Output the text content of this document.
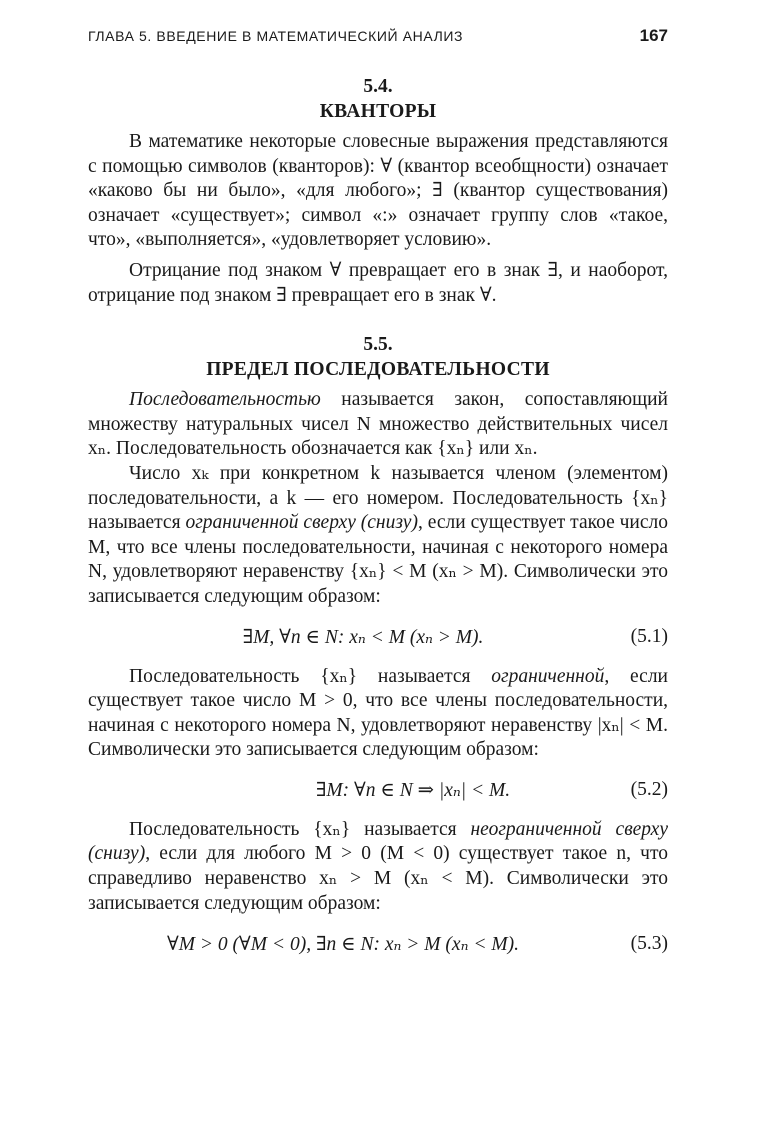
ГЛАВА 5. ВВЕДЕНИЕ В МАТЕМАТИЧЕСКИЙ АНАЛИЗ	167
5.4.
КВАНТОРЫ

В математике некоторые словесные выражения представляются с помощью символов (кванторов): ∀ (квантор всеобщности) означает «каково бы ни было», «для любого»; ∃ (квантор существования) означает «существует»; символ «:» означает группу слов «такое, что», «выполняется», «удовлетворяет условию».

Отрицание под знаком ∀ превращает его в знак ∃, и наоборот, отрицание под знаком ∃ превращает его в знак ∀.

5.5.
ПРЕДЕЛ ПОСЛЕДОВАТЕЛЬНОСТИ

Последовательностью называется закон, сопоставляющий множеству натуральных чисел N множество действительных чисел xₙ. Последовательность обозначается как {xₙ} или xₙ.

Число xₖ при конкретном k называется членом (элементом) последовательности, а k — его номером. Последовательность {xₙ} называется ограниченной сверху (снизу), если существует такое число M, что все члены последовательности, начиная с некоторого номера N, удовлетворяют неравенству {xₙ} < M (xₙ > M). Символически это записывается следующим образом:

∃M, ∀n ∈ N: xₙ < M (xₙ > M).	(5.1)

Последовательность {xₙ} называется ограниченной, если существует такое число M > 0, что все члены последовательности, начиная с некоторого номера N, удовлетворяют неравенству |xₙ| < M. Символически это записывается следующим образом:

∃M: ∀n ∈ N ⇒ |xₙ| < M.	(5.2)

Последовательность {xₙ} называется неограниченной сверху (снизу), если для любого M > 0 (M < 0) существует такое n, что справедливо неравенство xₙ > M (xₙ < M). Символически это записывается следующим образом:

∀M > 0 (∀M < 0), ∃n ∈ N: xₙ > M (xₙ < M).	(5.3)
